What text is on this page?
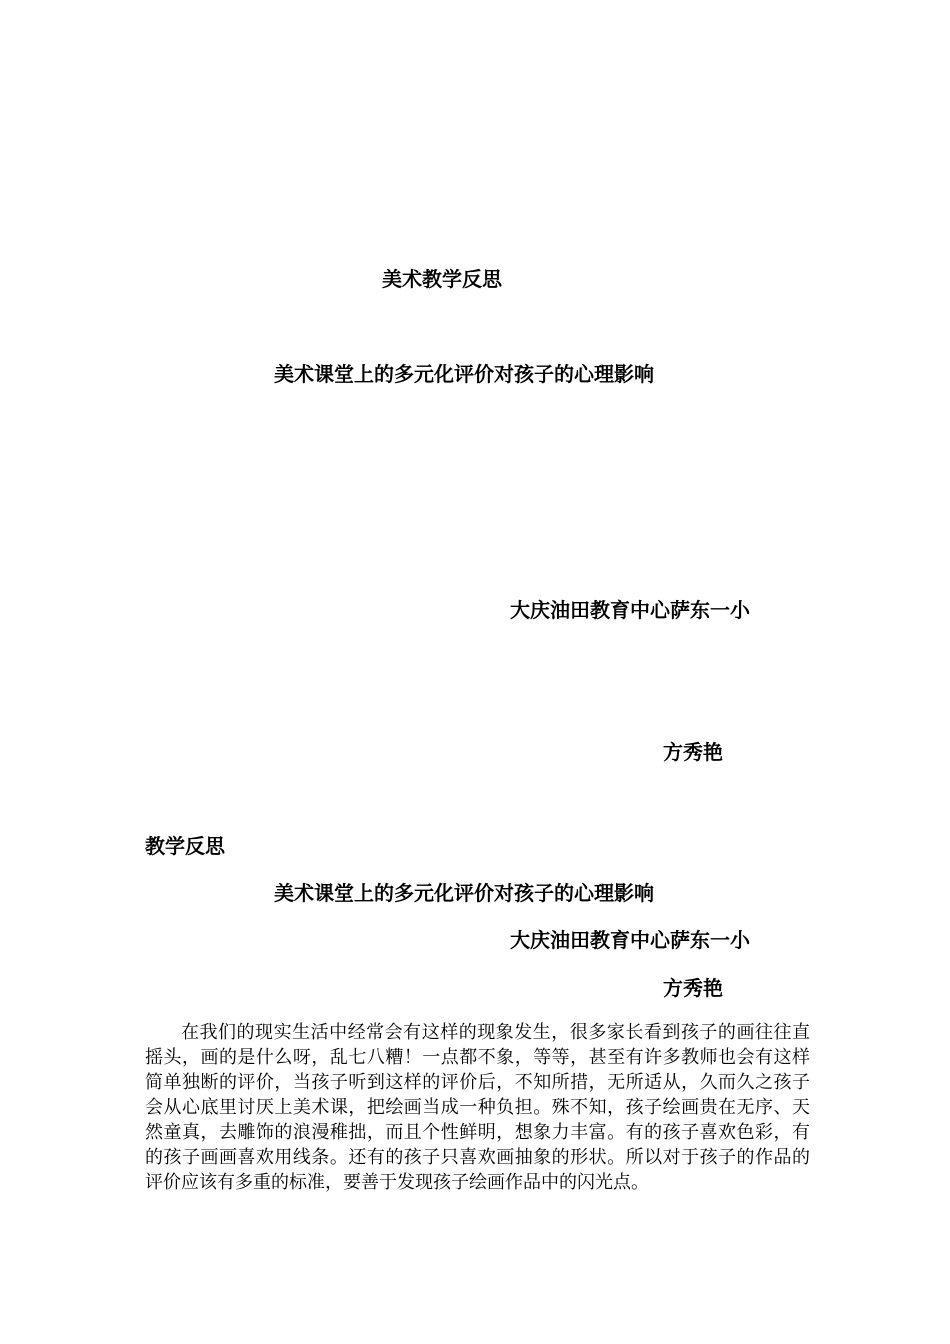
美术教学反思
美术课堂上的多元化评价对孩子的心理影响
大庆油田教育中心萨东一小
方秀艳
教学反思
美术课堂上的多元化评价对孩子的心理影响
大庆油田教育中心萨东一小
方秀艳

在我们的现实生活中经常会有这样的现象发生，很多家长看到孩子的画往往直摇头，画的是什么呀，乱七八糟！一点都不象，等等，甚至有许多教师也会有这样简单独断的评价，当孩子听到这样的评价后，不知所措，无所适从，久而久之孩子会从心底里讨厌上美术课，把绘画当成一种负担。殊不知，孩子绘画贵在无序、天然童真，去雕饰的浪漫稚拙，而且个性鲜明，想象力丰富。有的孩子喜欢色彩，有的孩子画画喜欢用线条。还有的孩子只喜欢画抽象的形状。所以对于孩子的作品的评价应该有多重的标准，要善于发现孩子绘画作品中的闪光点。
